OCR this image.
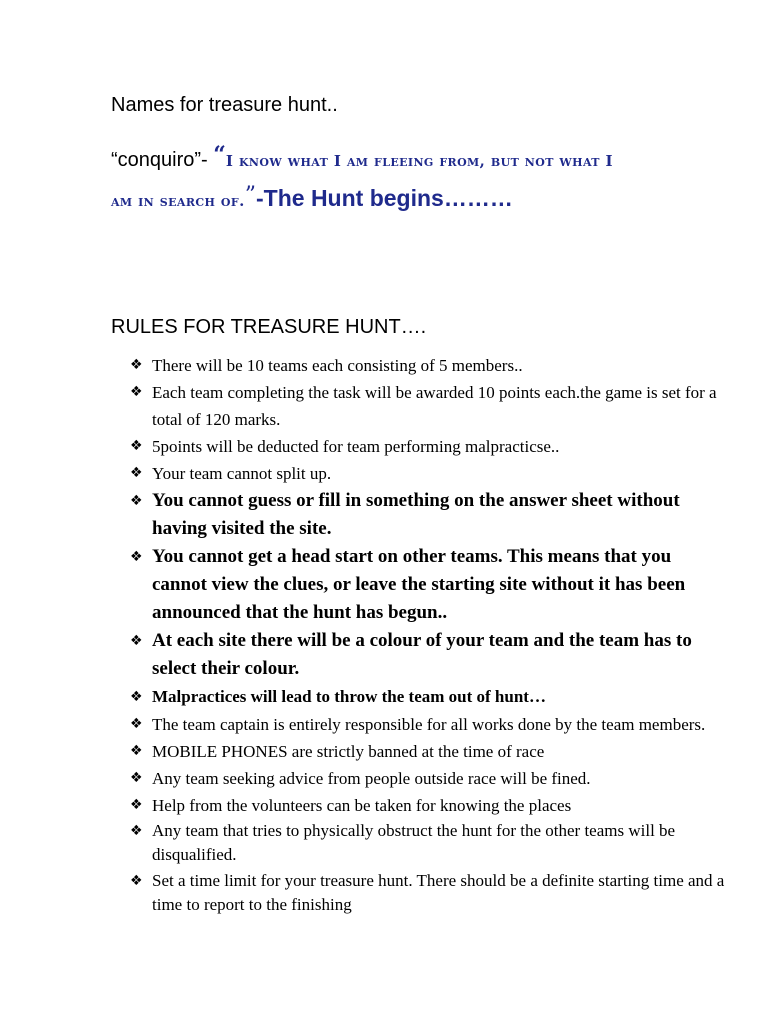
Names for treasure hunt..
“conquiro”- “I know what I am fleeing from, but not what I
am in search of.”-The Hunt begins………
RULES FOR TREASURE HUNT….
❖ There will be 10 teams each consisting of 5 members..
❖ Each team completing the task will be awarded 10 points each.the game is set for a total of 120 marks.
❖ 5points will be deducted for team performing malpracticse..
❖ Your team cannot split up.
❖ You cannot guess or fill in something on the answer sheet without having visited the site.
❖ You cannot get a head start on other teams. This means that you cannot view the clues, or leave the starting site without it has been announced that the hunt has begun..
❖ At each site there will be a colour of your team and the team has to select their colour.
❖ Malpractices will lead to throw the team out of hunt…
❖ The team captain is entirely responsible for all works done by the team members.
❖ MOBILE PHONES are strictly banned at the time of race
❖ Any team seeking advice from people outside race will be fined.
❖ Help from the volunteers can be taken for knowing the places
❖ Any team that tries to physically obstruct the hunt for the other teams will be disqualified.
❖ Set a time limit for your treasure hunt. There should be a definite starting time and a time to report to the finishing
